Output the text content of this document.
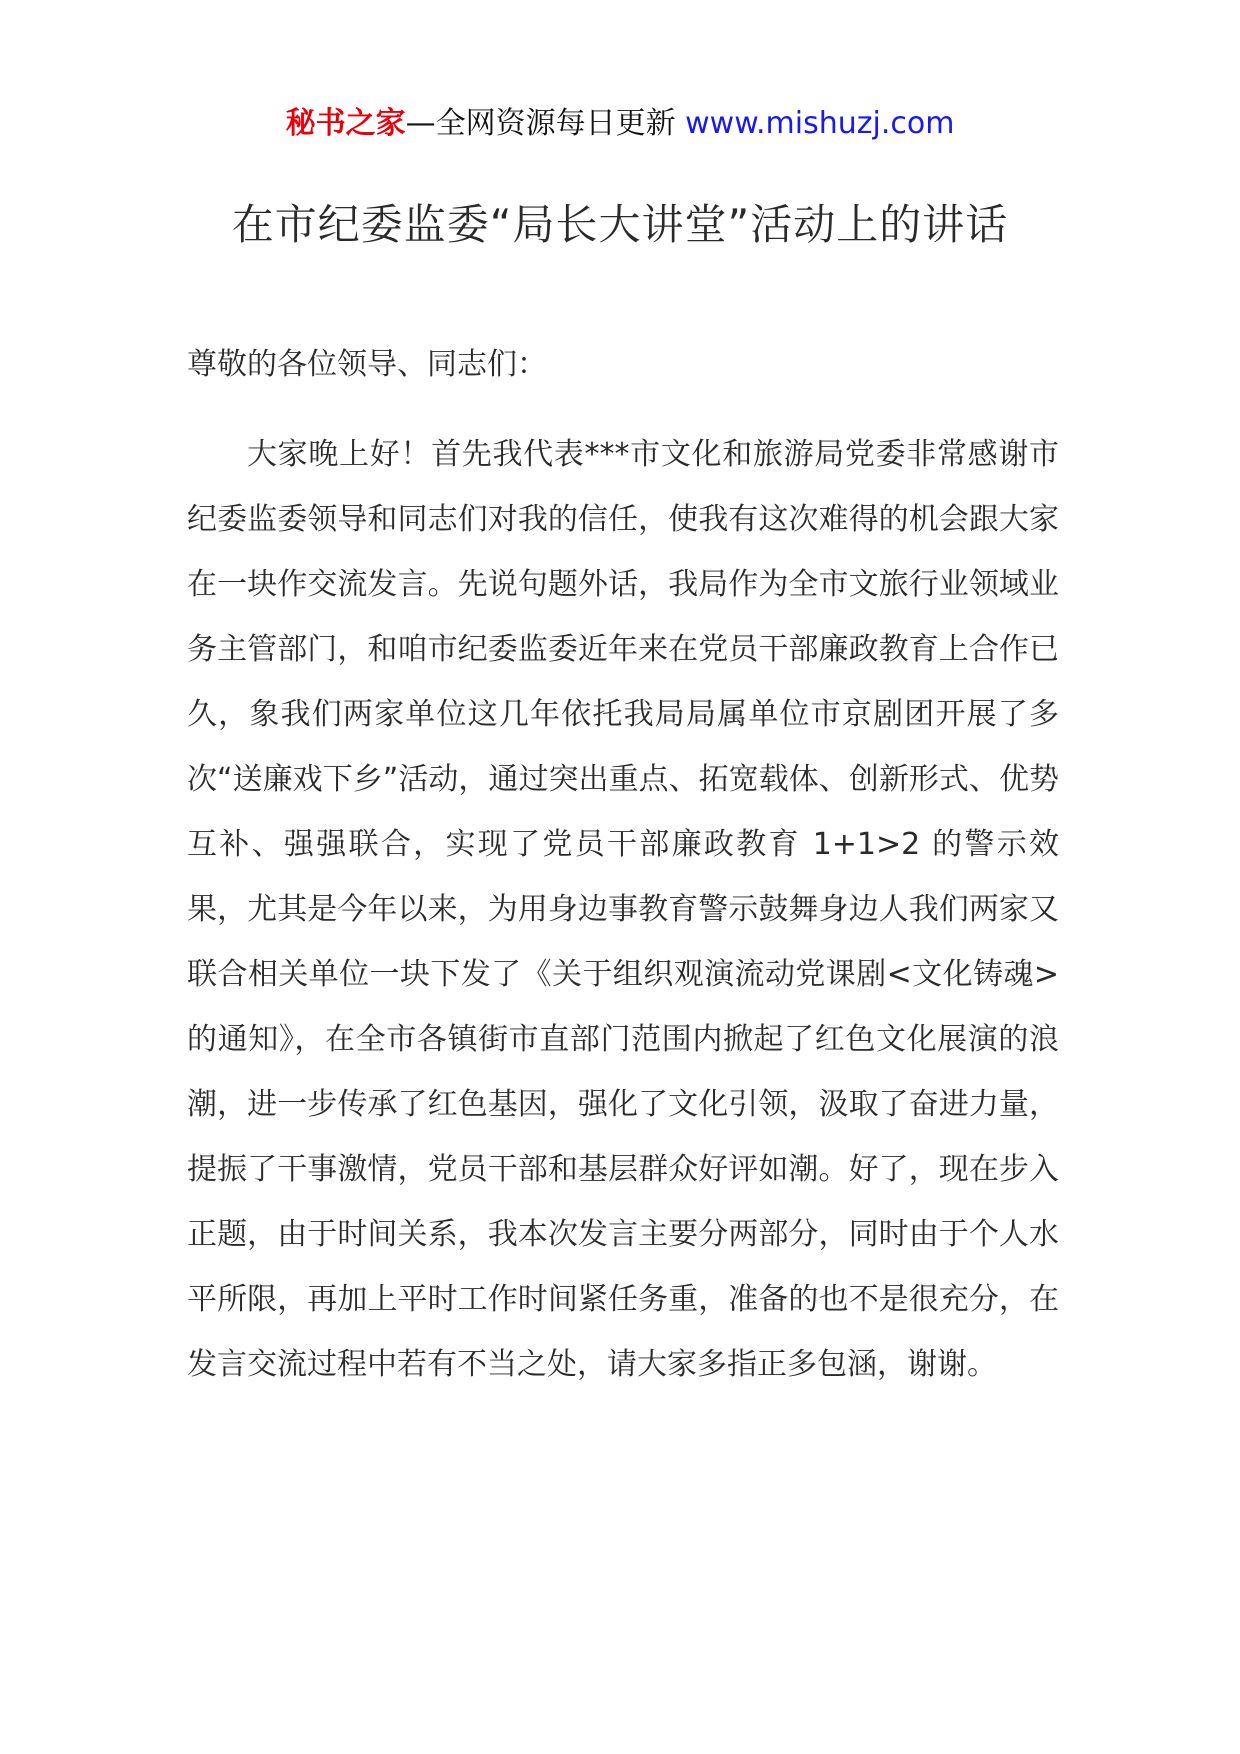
秘书之家—全网资源每日更新 www.mishuzj.com
在市纪委监委“局长大讲堂”活动上的讲话
尊敬的各位领导、同志们：
大家晚上好！首先我代表***市文化和旅游局党委非常感谢市纪委监委领导和同志们对我的信任，使我有这次难得的机会跟大家在一块作交流发言。先说句题外话，我局作为全市文旅行业领域业务主管部门，和咱市纪委监委近年来在党员干部廉政教育上合作已久，象我们两家单位这几年依托我局局属单位市京剧团开展了多次“送廉戏下乡”活动，通过突出重点、拓宽载体、创新形式、优势互补、强强联合，实现了党员干部廉政教育 1+1>2 的警示效果，尤其是今年以来，为用身边事教育警示鼓舞身边人我们两家又联合相关单位一块下发了《关于组织观演流动党课剧<文化铸魂>的通知》，在全市各镇街市直部门范围内掀起了红色文化展演的浪潮，进一步传承了红色基因，强化了文化引领，汲取了奋进力量，提振了干事激情，党员干部和基层群众好评如潮。好了，现在步入正题，由于时间关系，我本次发言主要分两部分，同时由于个人水平所限，再加上平时工作时间紧任务重，准备的也不是很充分，在发言交流过程中若有不当之处，请大家多指正多包涵，谢谢。
